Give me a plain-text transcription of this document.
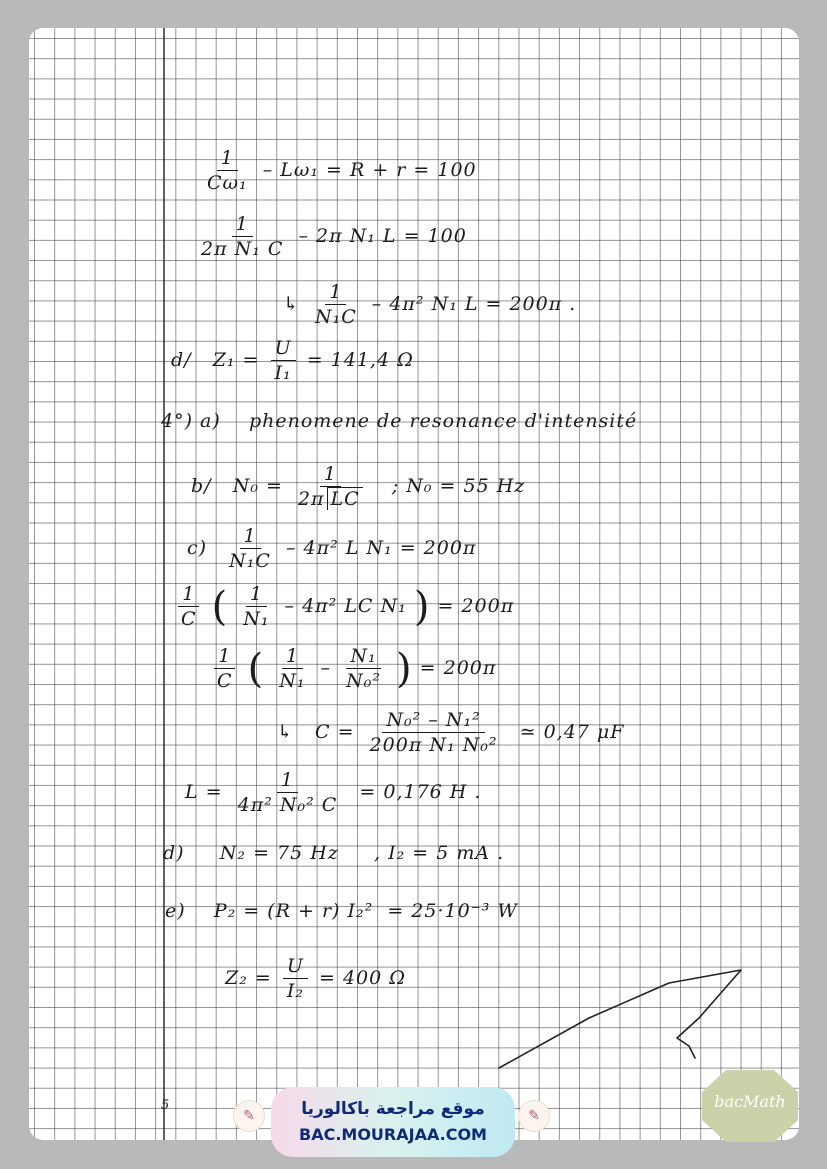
$\frac{1}{\text{Cω₁}} - L\omega_1 = R + r = 100$
$\frac{1}{\text{2π N₁ C}} - 2\pi$ N₁ L = 100
↳ $\frac{1}{\text{N₁C}} - 4\pi^2$ N₁ L = 200π .
d/ $Z_1 = \frac{U}{\text{I₁}} = 141,4$ Ω
4°) a) phenomene de resonance d'intensité
b/ $N_0 = \frac{1}{\text{2π LC}}$ ; N₀ = 55 Hz
$c) \frac{1}{\text{N₁C}} - 4\pi^2$ L N₁ = 200π
$\frac{1}{C}$ ( $\frac{1}{\text{N₁}} - 4\pi^2$ LC N₁ ) = 200π
$\frac{1}{C}$ ( $\frac{1}{\text{N₁}} - \frac{\text{N₁}}{\text{N₀²}}$ ) = 200π
↳ $C = \frac{\text{N₀² – N₁²}}{\text{200π N₁ N₀²}}$ ≃ 0,47 μF
$L = \frac{1}{\text{4π² N₀² C}} = 0,176$ H .
d) N₂ = 75 Hz , I₂ = 5 mA .
e) P₂ = (R + r) I₂² = 25·10⁻³ W
$Z_2 = \frac{U}{\text{I₂}} = 400$ Ω
5
✎	موقع مراجعة باكالوريا
BAC.MOURAJAA.COM
✎
bacMath
